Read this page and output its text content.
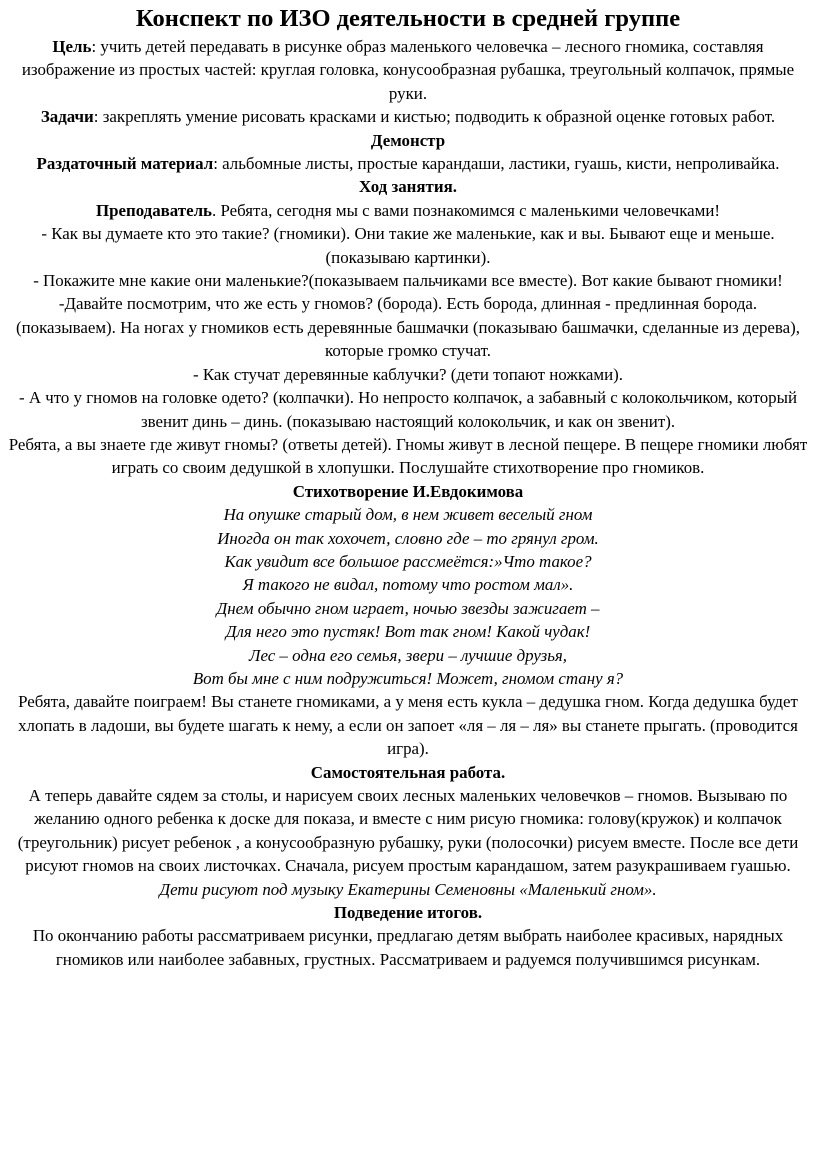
Конспект по ИЗО деятельности в средней группе

Цель: учить детей передавать в рисунке образ маленького человечка – лесного гномика, составляя изображение из простых частей: круглая головка, конусообразная рубашка, треугольный колпачок, прямые руки.

Задачи: закреплять умение рисовать красками и кистью; подводить к образной оценке готовых работ.

Демонстр

Раздаточный материал: альбомные листы, простые карандаши, ластики, гуашь, кисти, непроливайка.

Ход занятия.

Преподаватель. Ребята, сегодня мы с вами познакомимся с маленькими человечками!

- Как вы думаете кто это такие? (гномики). Они такие же маленькие, как и вы. Бывают еще и меньше. (показываю картинки).

- Покажите мне какие они маленькие?(показываем пальчиками все вместе). Вот какие бывают гномики!

-Давайте посмотрим, что же есть у гномов? (борода). Есть борода, длинная - предлинная борода. (показываем). На ногах у гномиков есть деревянные башмачки (показываю башмачки, сделанные из дерева), которые громко стучат.

- Как стучат деревянные каблучки? (дети топают ножками).

- А что у гномов на головке одето? (колпачки). Но непросто колпачок, а забавный с колокольчиком, который звенит динь – динь. (показываю настоящий колокольчик, и как он звенит).

Ребята, а вы знаете где живут гномы? (ответы детей). Гномы живут в лесной пещере. В пещере гномики любят играть со своим дедушкой в хлопушки. Послушайте стихотворение про гномиков.

Стихотворение И.Евдокимова

На опушке старый дом, в нем живет веселый гном

Иногда он так хохочет, словно где – то грянул гром.

Как увидит все большое рассмеётся:»Что такое?

Я такого не видал, потому что ростом мал».

Днем обычно гном играет, ночью звезды зажигает –

Для него это пустяк! Вот так гном! Какой чудак!

Лес – одна его семья, звери – лучшие друзья,

Вот бы мне с ним подружиться! Может, гномом стану я?

Ребята, давайте поиграем! Вы станете гномиками, а у меня есть кукла – дедушка гном. Когда дедушка будет хлопать в ладоши, вы будете шагать к нему, а если он запоет «ля – ля – ля» вы станете прыгать. (проводится игра).

Самостоятельная работа.

А теперь давайте сядем за столы, и нарисуем своих лесных маленьких человечков – гномов. Вызываю по желанию одного ребенка к доске для показа, и вместе с ним рисую гномика: голову(кружок) и колпачок (треугольник) рисует ребенок , а конусообразную рубашку, руки (полосочки) рисуем вместе. После все дети рисуют гномов на своих листочках. Сначала, рисуем простым карандашом, затем разукрашиваем гуашью.

Дети рисуют под музыку Екатерины Семеновны «Маленький гном».

Подведение итогов.

По окончанию работы рассматриваем рисунки, предлагаю детям выбрать наиболее красивых, нарядных гномиков или наиболее забавных, грустных. Рассматриваем и радуемся получившимся рисункам.
